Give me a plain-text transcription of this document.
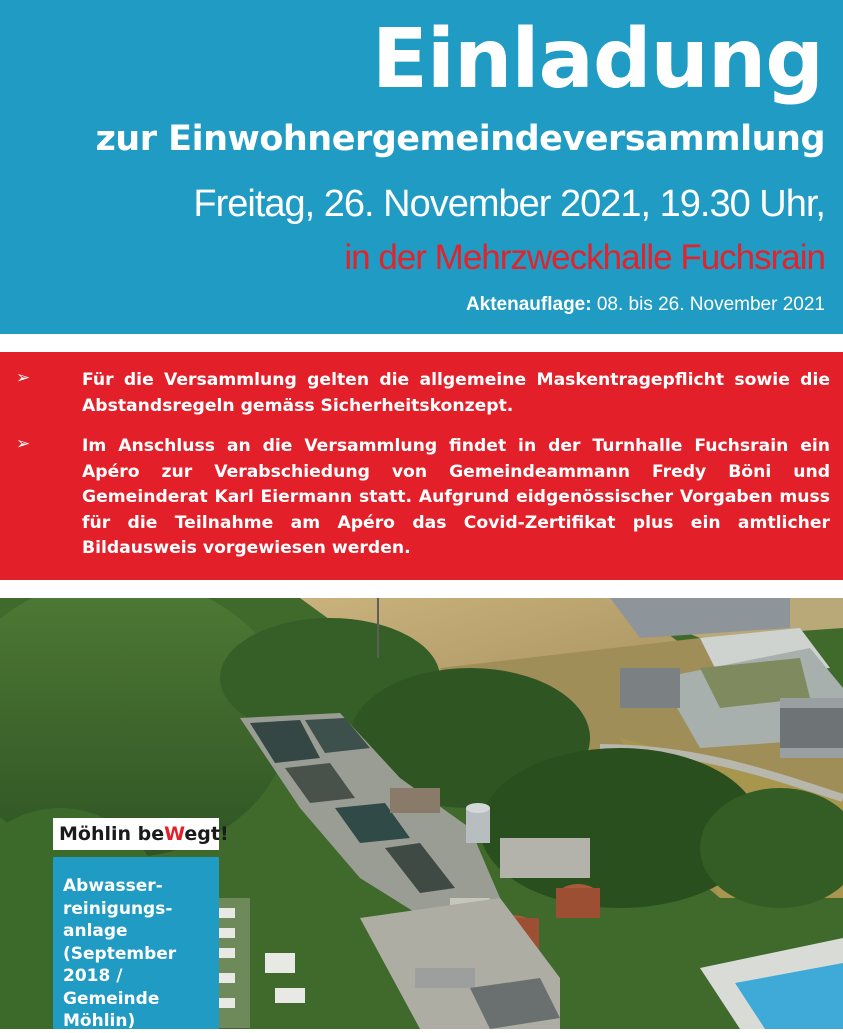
Einladung
zur Einwohnergemeindeversammlung
Freitag, 26. November 2021, 19.30 Uhr,
in der Mehrzweckhalle Fuchsrain
Aktenauflage: 08. bis 26. November 2021
➢	Für die Versammlung gelten die allgemeine Maskentragepflicht sowie die Abstandsregeln gemäss Sicherheitskonzept.
➢	Im Anschluss an die Versammlung findet in der Turnhalle Fuchsrain ein Apéro zur Verabschiedung von Gemeindeammann Fredy Böni und Gemeinderat Karl Eiermann statt. Aufgrund eidgenössischer Vorgaben muss für die Teilnahme am Apéro das Covid-Zertifikat plus ein amtlicher Bildausweis vorgewiesen werden.
Möhlin beWegt!
Abwasser-reinigungs-anlage (September 2018 / Gemeinde Möhlin)
